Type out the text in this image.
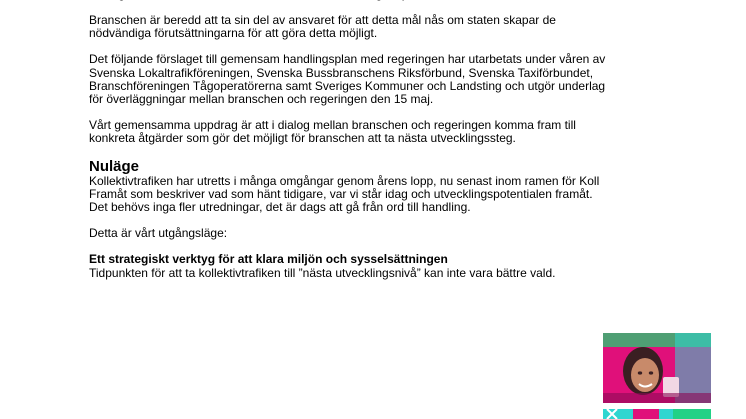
Branschen är beredd att ta sin del av ansvaret för att detta mål nås om staten skapar de nödvändiga förutsättningarna för att göra detta möjligt.

Det följande förslaget till gemensam handlingsplan med regeringen har utarbetats under våren av Svenska Lokaltrafikföreningen, Svenska Bussbranschens Riksförbund, Svenska Taxiförbundet, Branschföreningen Tågoperatörerna samt Sveriges Kommuner och Landsting och utgör underlag för överläggningar mellan branschen och regeringen den 15 maj.

Vårt gemensamma uppdrag är att i dialog mellan branschen och regeringen komma fram till konkreta åtgärder som gör det möjligt för branschen att ta nästa utvecklingssteg.

Nuläge

Kollektivtrafiken har utretts i många omgångar genom årens lopp, nu senast inom ramen för Koll Framåt som beskriver vad som hänt tidigare, var vi står idag och utvecklingspotentialen framåt. Det behövs inga fler utredningar, det är dags att gå från ord till handling.

Detta är vårt utgångsläge:

Ett strategiskt verktyg för att klara miljön och sysselsättningen
Tidpunkten för att ta kollektivtrafiken till ”nästa utvecklingsnivå” kan inte vara bättre vald.
